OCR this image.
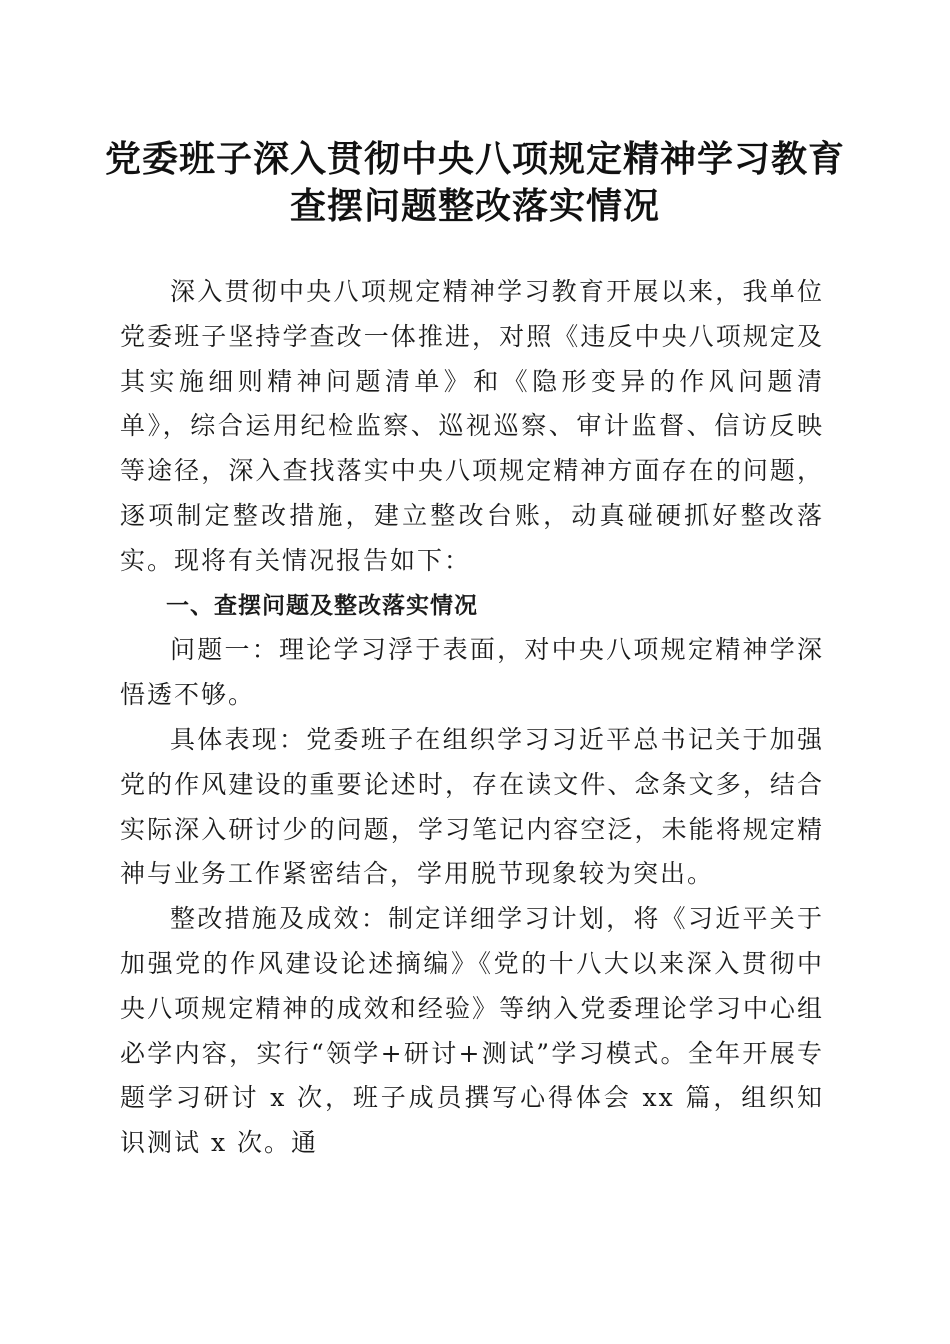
党委班子深入贯彻中央八项规定精神学习教育
查摆问题整改落实情况

深入贯彻中央八项规定精神学习教育开展以来，我单位党委班子坚持学查改一体推进，对照《违反中央八项规定及其实施细则精神问题清单》和《隐形变异的作风问题清单》，综合运用纪检监察、巡视巡察、审计监督、信访反映等途径，深入查找落实中央八项规定精神方面存在的问题，逐项制定整改措施，建立整改台账，动真碰硬抓好整改落实。现将有关情况报告如下：

一、查摆问题及整改落实情况

问题一：理论学习浮于表面，对中央八项规定精神学深悟透不够。

具体表现：党委班子在组织学习习近平总书记关于加强党的作风建设的重要论述时，存在读文件、念条文多，结合实际深入研讨少的问题，学习笔记内容空泛，未能将规定精神与业务工作紧密结合，学用脱节现象较为突出。

整改措施及成效：制定详细学习计划，将《习近平关于加强党的作风建设论述摘编》《党的十八大以来深入贯彻中央八项规定精神的成效和经验》等纳入党委理论学习中心组必学内容，实行“领学+研讨+测试”学习模式。全年开展专题学习研讨 x 次，班子成员撰写心得体会 xx 篇，组织知识测试 x 次。通
